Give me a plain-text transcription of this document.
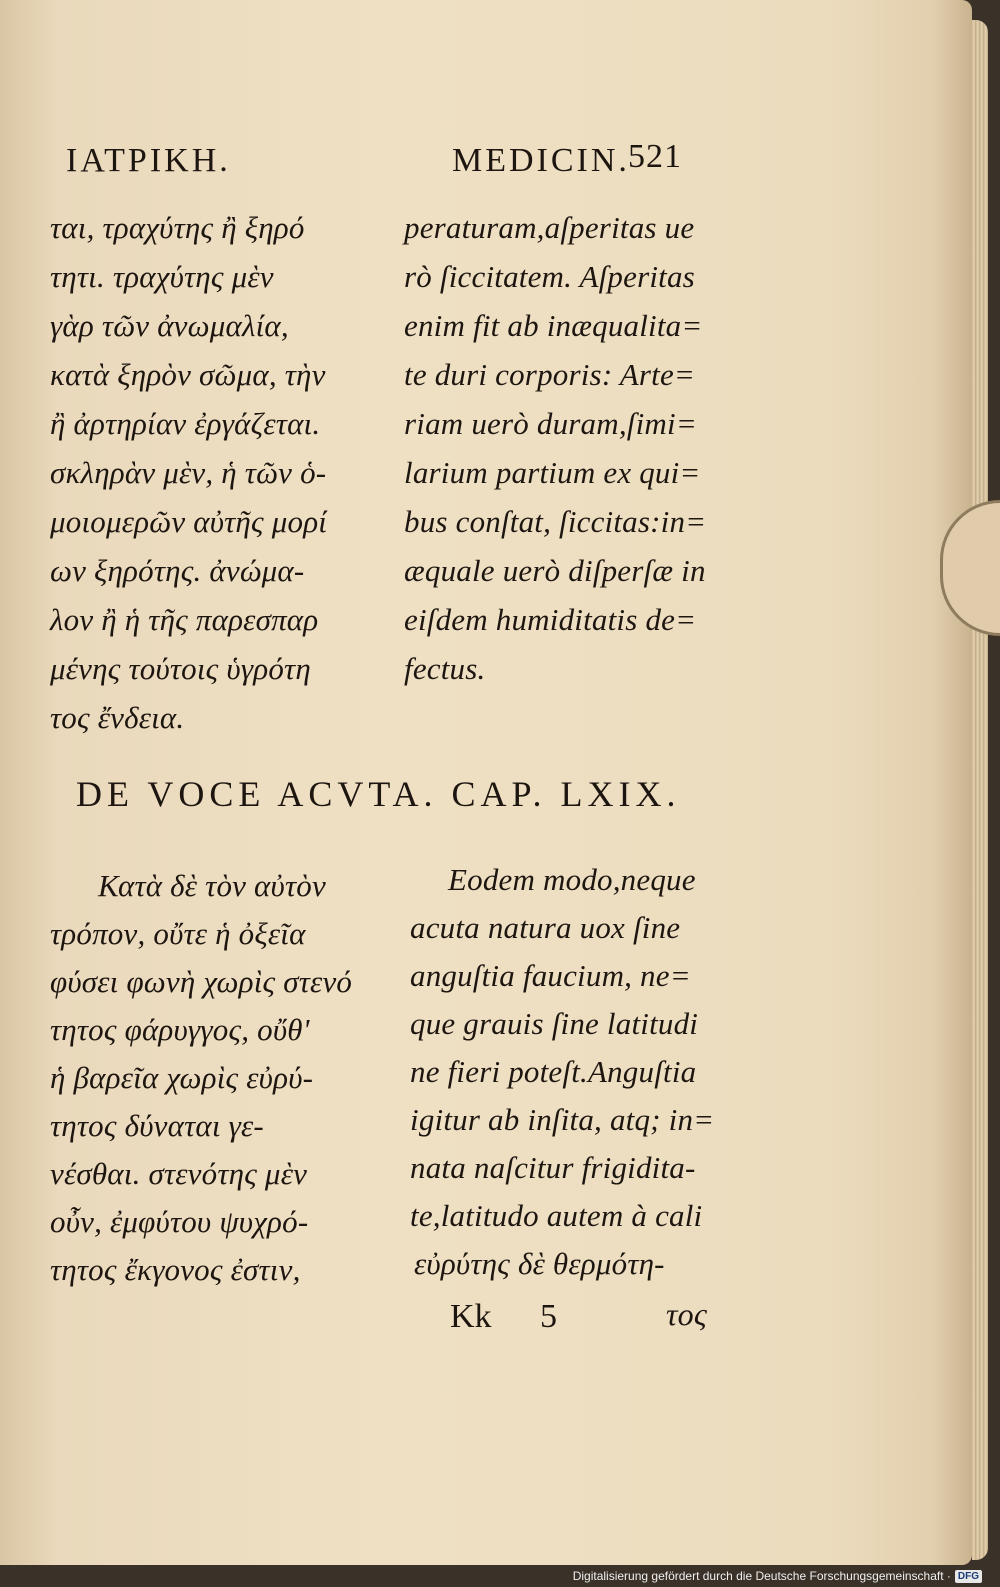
ΙΑΤΡΙΚΗ.	MEDICIN.
521
ται, τραχύτης ἢ ξηρό
τητι. τραχύτης μὲν
γὰρ τῶν ἀνωμαλία,
κατὰ ξηρὸν σῶμα, τὴν
ἢ ἀρτηρίαν ἐργάζεται.
σκληρὰν μὲν, ἡ τῶν ὁ-
μοιομερῶν αὐτῆς μορί
ων ξηρότης. ἀνώμα-
λον ἢ ἡ τῆς παρεσπαρ
μένης τούτοις ὑγρότη
τος ἔνδεια.
peraturam,aſperitas ue
rò ſiccitatem. Aſperitas
enim fit ab inæqualita=
te duri corporis: Arte=
riam uerò duram,ſimi=
larium partium ex qui=
bus conſtat, ſiccitas:in=
æquale uerò diſperſæ in
eiſdem humiditatis de=
fectus.
DE VOCE ACVTA. CAP. LXIX.
Κατὰ δὲ τὸν αὐτὸν
τρόπον, οὔτε ἡ ὀξεῖα
φύσει φωνὴ χωρὶς στενό
τητος φάρυγγος, οὔθ'
ἡ βαρεῖα χωρὶς εὐρύ-
τητος δύναται γε-
νέσθαι. στενότης μὲν
οὖν, ἐμφύτου ψυχρό-
τητος ἔκγονος ἐστιν,
Eodem modo,neque
acuta natura uox ſine
anguſtia faucium, ne=
que grauis ſine latitudi
ne fieri poteſt.Anguſtia
igitur ab inſita, atq; in=
nata naſcitur frigidita-
te,latitudo autem à cali
εὐρύτης δὲ θερμότη-
Kk 5	τος
Digitalisierung gefördert durch die Deutsche Forschungsgemeinschaft · DFG
